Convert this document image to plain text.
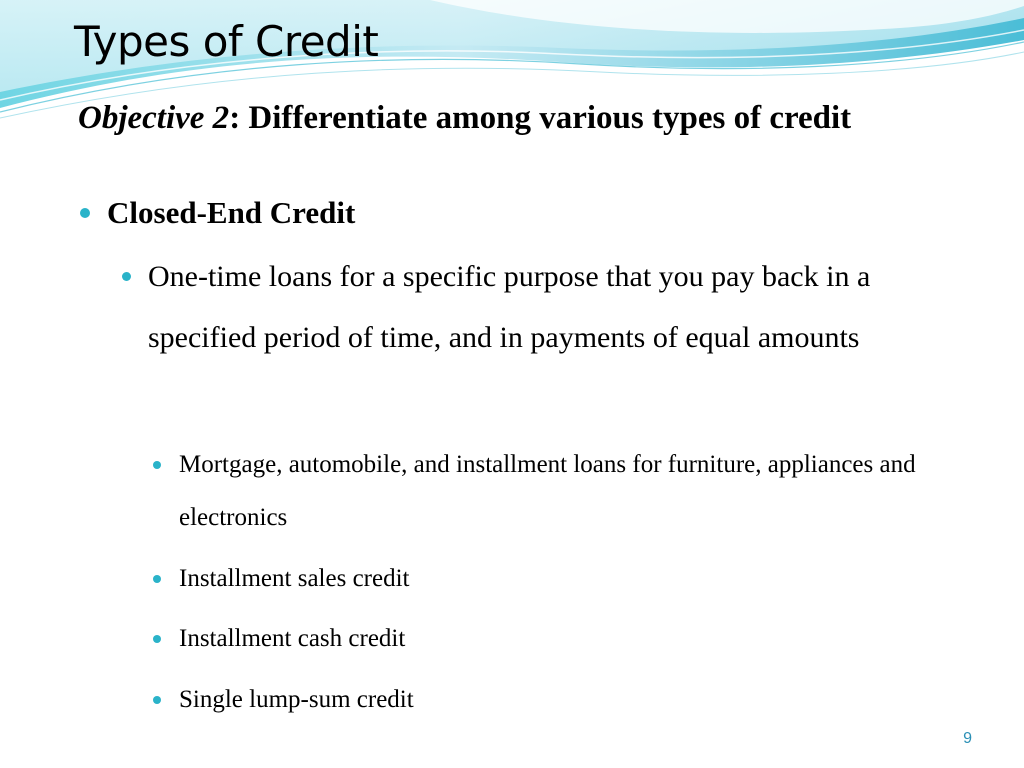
Types of Credit

Objective 2: Differentiate among various types of credit

Closed-End Credit
One-time loans for a specific purpose that you pay back in a specified period of time, and in payments of equal amounts
Mortgage, automobile, and installment loans for furniture, appliances and electronics
Installment sales credit
Installment cash credit
Single lump-sum credit
9
